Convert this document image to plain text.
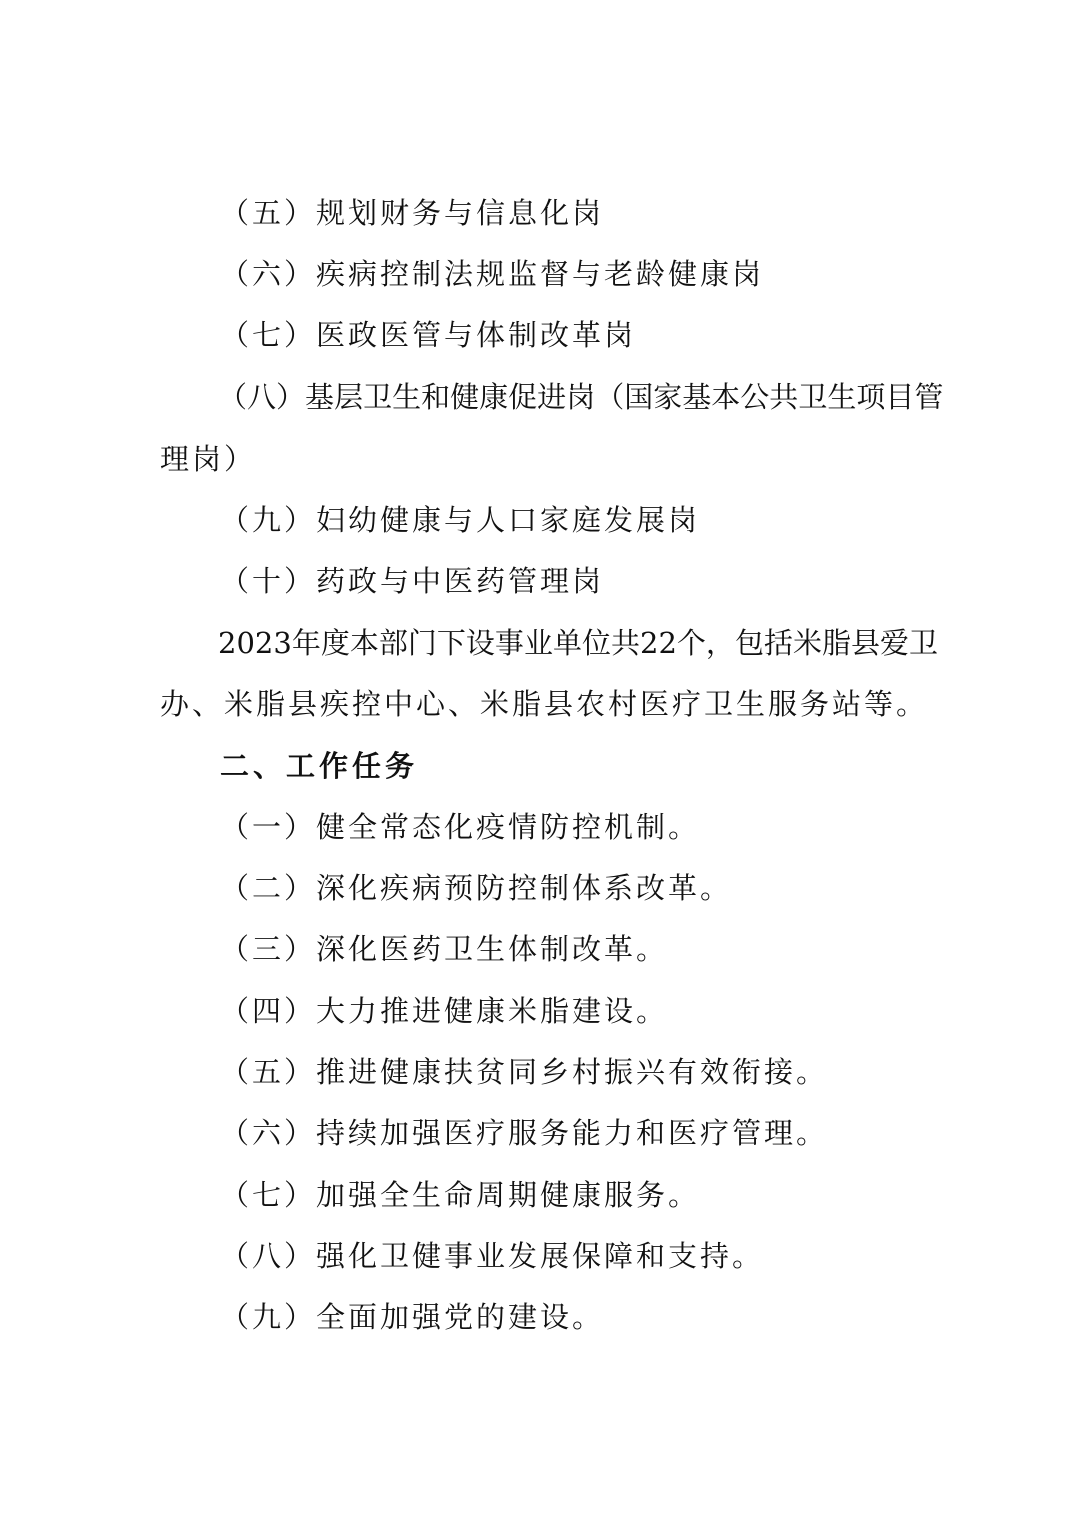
（五）规划财务与信息化岗
（六）疾病控制法规监督与老龄健康岗
（七）医政医管与体制改革岗
（ 八 ） 基 层 卫 生 和 健 康 促 进 岗 （ 国 家 基 本 公 共 卫 生 项 目 管
理岗）
（九）妇幼健康与人口家庭发展岗
（十）药政与中医药管理岗
2023 年 度 本 部 门 下 设 事 业 单 位 共 22 个 ， 包 括 米 脂 县 爱 卫
办、米脂县疾控中心、米脂县农村医疗卫生服务站等。
二、工作任务
（一）健全常态化疫情防控机制。
（二）深化疾病预防控制体系改革。
（三）深化医药卫生体制改革。
（四）大力推进健康米脂建设。
（五）推进健康扶贫同乡村振兴有效衔接。
（六）持续加强医疗服务能力和医疗管理。
（七）加强全生命周期健康服务。
（八）强化卫健事业发展保障和支持。
（九）全面加强党的建设。
